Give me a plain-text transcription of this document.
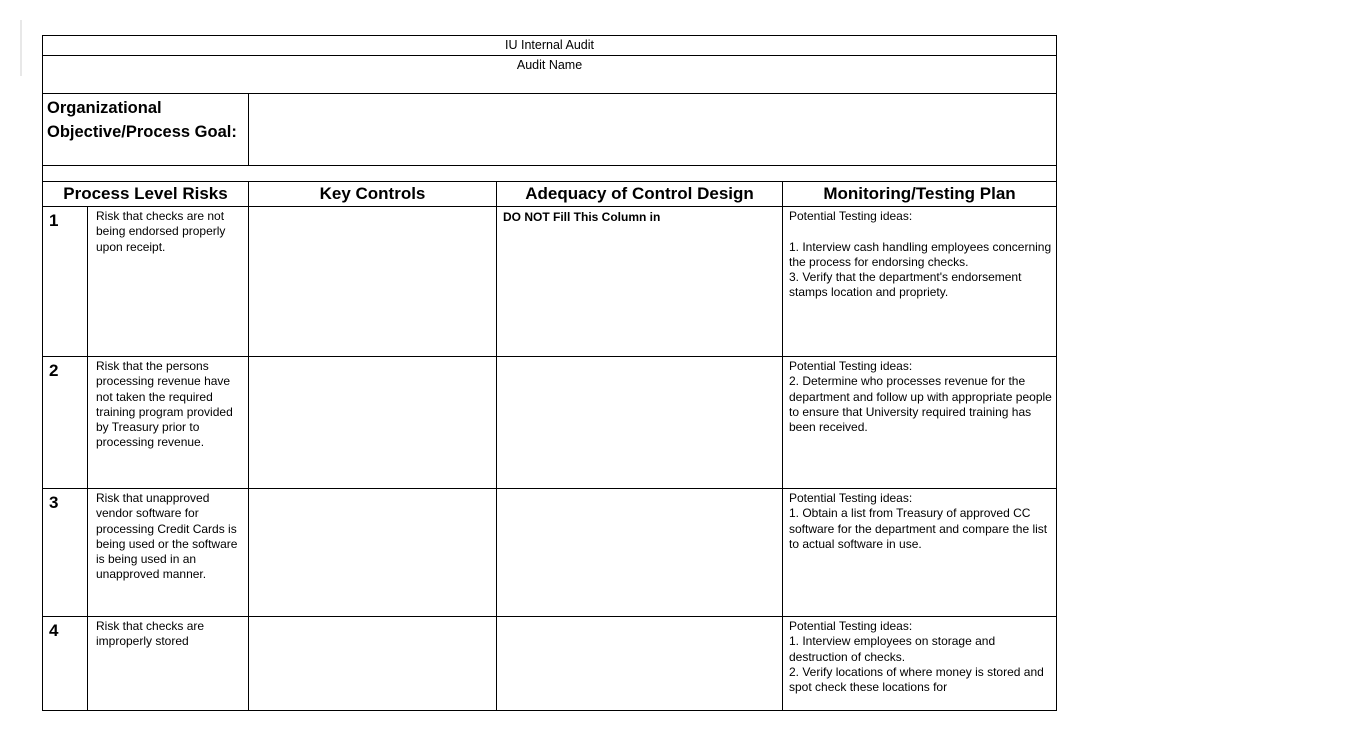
IU Internal Audit				
Audit Name				
Organizational Objective/Process Goal:				

Process Level Risks		Key Controls	Adequacy of Control Design	Monitoring/Testing Plan
1	Risk that checks are not being endorsed properly upon receipt.		DO NOT Fill This Column in	Potential Testing ideas:
1. Interview cash handling employees concerning the process for endorsing checks.
3. Verify that the department's endorsement stamps location and propriety.

2	Risk that the persons processing revenue have not taken the required training program provided by Treasury prior to processing revenue.			Potential Testing ideas:
2. Determine who processes revenue for the department and follow up with appropriate people to ensure that University required training has been received.

3	Risk that unapproved vendor software for processing Credit Cards is being used or the software is being used in an unapproved manner.			Potential Testing ideas:
1. Obtain a list from Treasury of approved CC software for the department and compare the list to actual software in use.

4	Risk that checks are improperly stored			Potential Testing ideas:
1. Interview employees on storage and destruction of checks.
2. Verify locations of where money is stored and spot check these locations for
